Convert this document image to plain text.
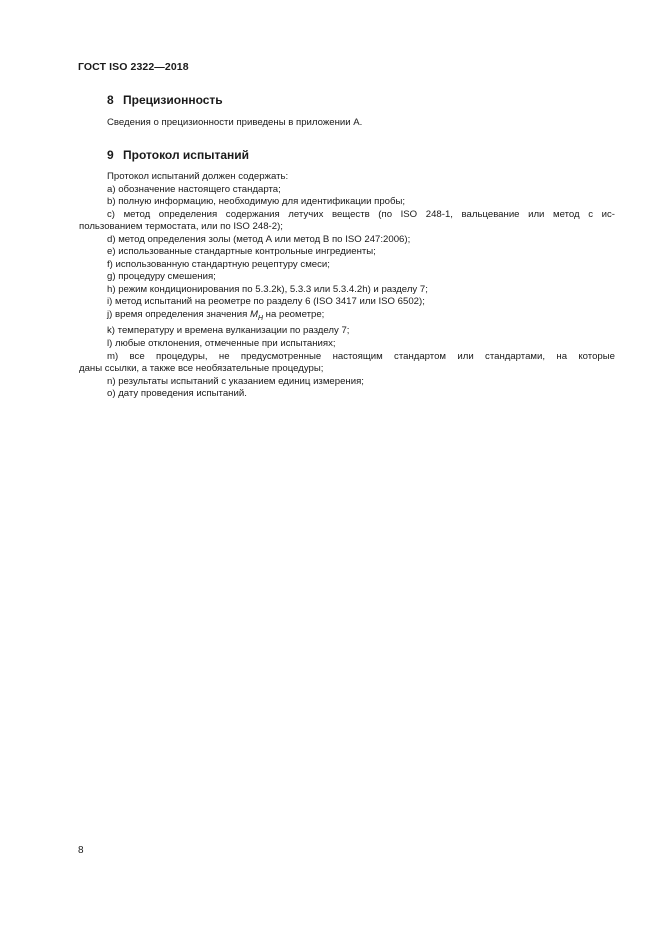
ГОСТ ISO 2322—2018
8 Прецизионность
Сведения о прецизионности приведены в приложении А.
9 Протокол испытаний
Протокол испытаний должен содержать:
a) обозначение настоящего стандарта;
b) полную информацию, необходимую для идентификации пробы;
c) метод определения содержания летучих веществ (по ISO 248-1, вальцевание или метод с ис-
пользованием термостата, или по ISO 248-2);
d) метод определения золы (метод А или метод В по ISO 247:2006);
e) использованные стандартные контрольные ингредиенты;
f) использованную стандартную рецептуру смеси;
g) процедуру смешения;
h) режим кондиционирования по 5.3.2k), 5.3.3 или 5.3.4.2h) и разделу 7;
i) метод испытаний на реометре по разделу 6 (ISO 3417 или ISO 6502);
j) время определения значения $M_H$ на реометре;
k) температуру и времена вулканизации по разделу 7;
l) любые отклонения, отмеченные при испытаниях;
m) все процедуры, не предусмотренные настоящим стандартом или стандартами, на которые
даны ссылки, а также все необязательные процедуры;
n) результаты испытаний с указанием единиц измерения;
o) дату проведения испытаний.
8
